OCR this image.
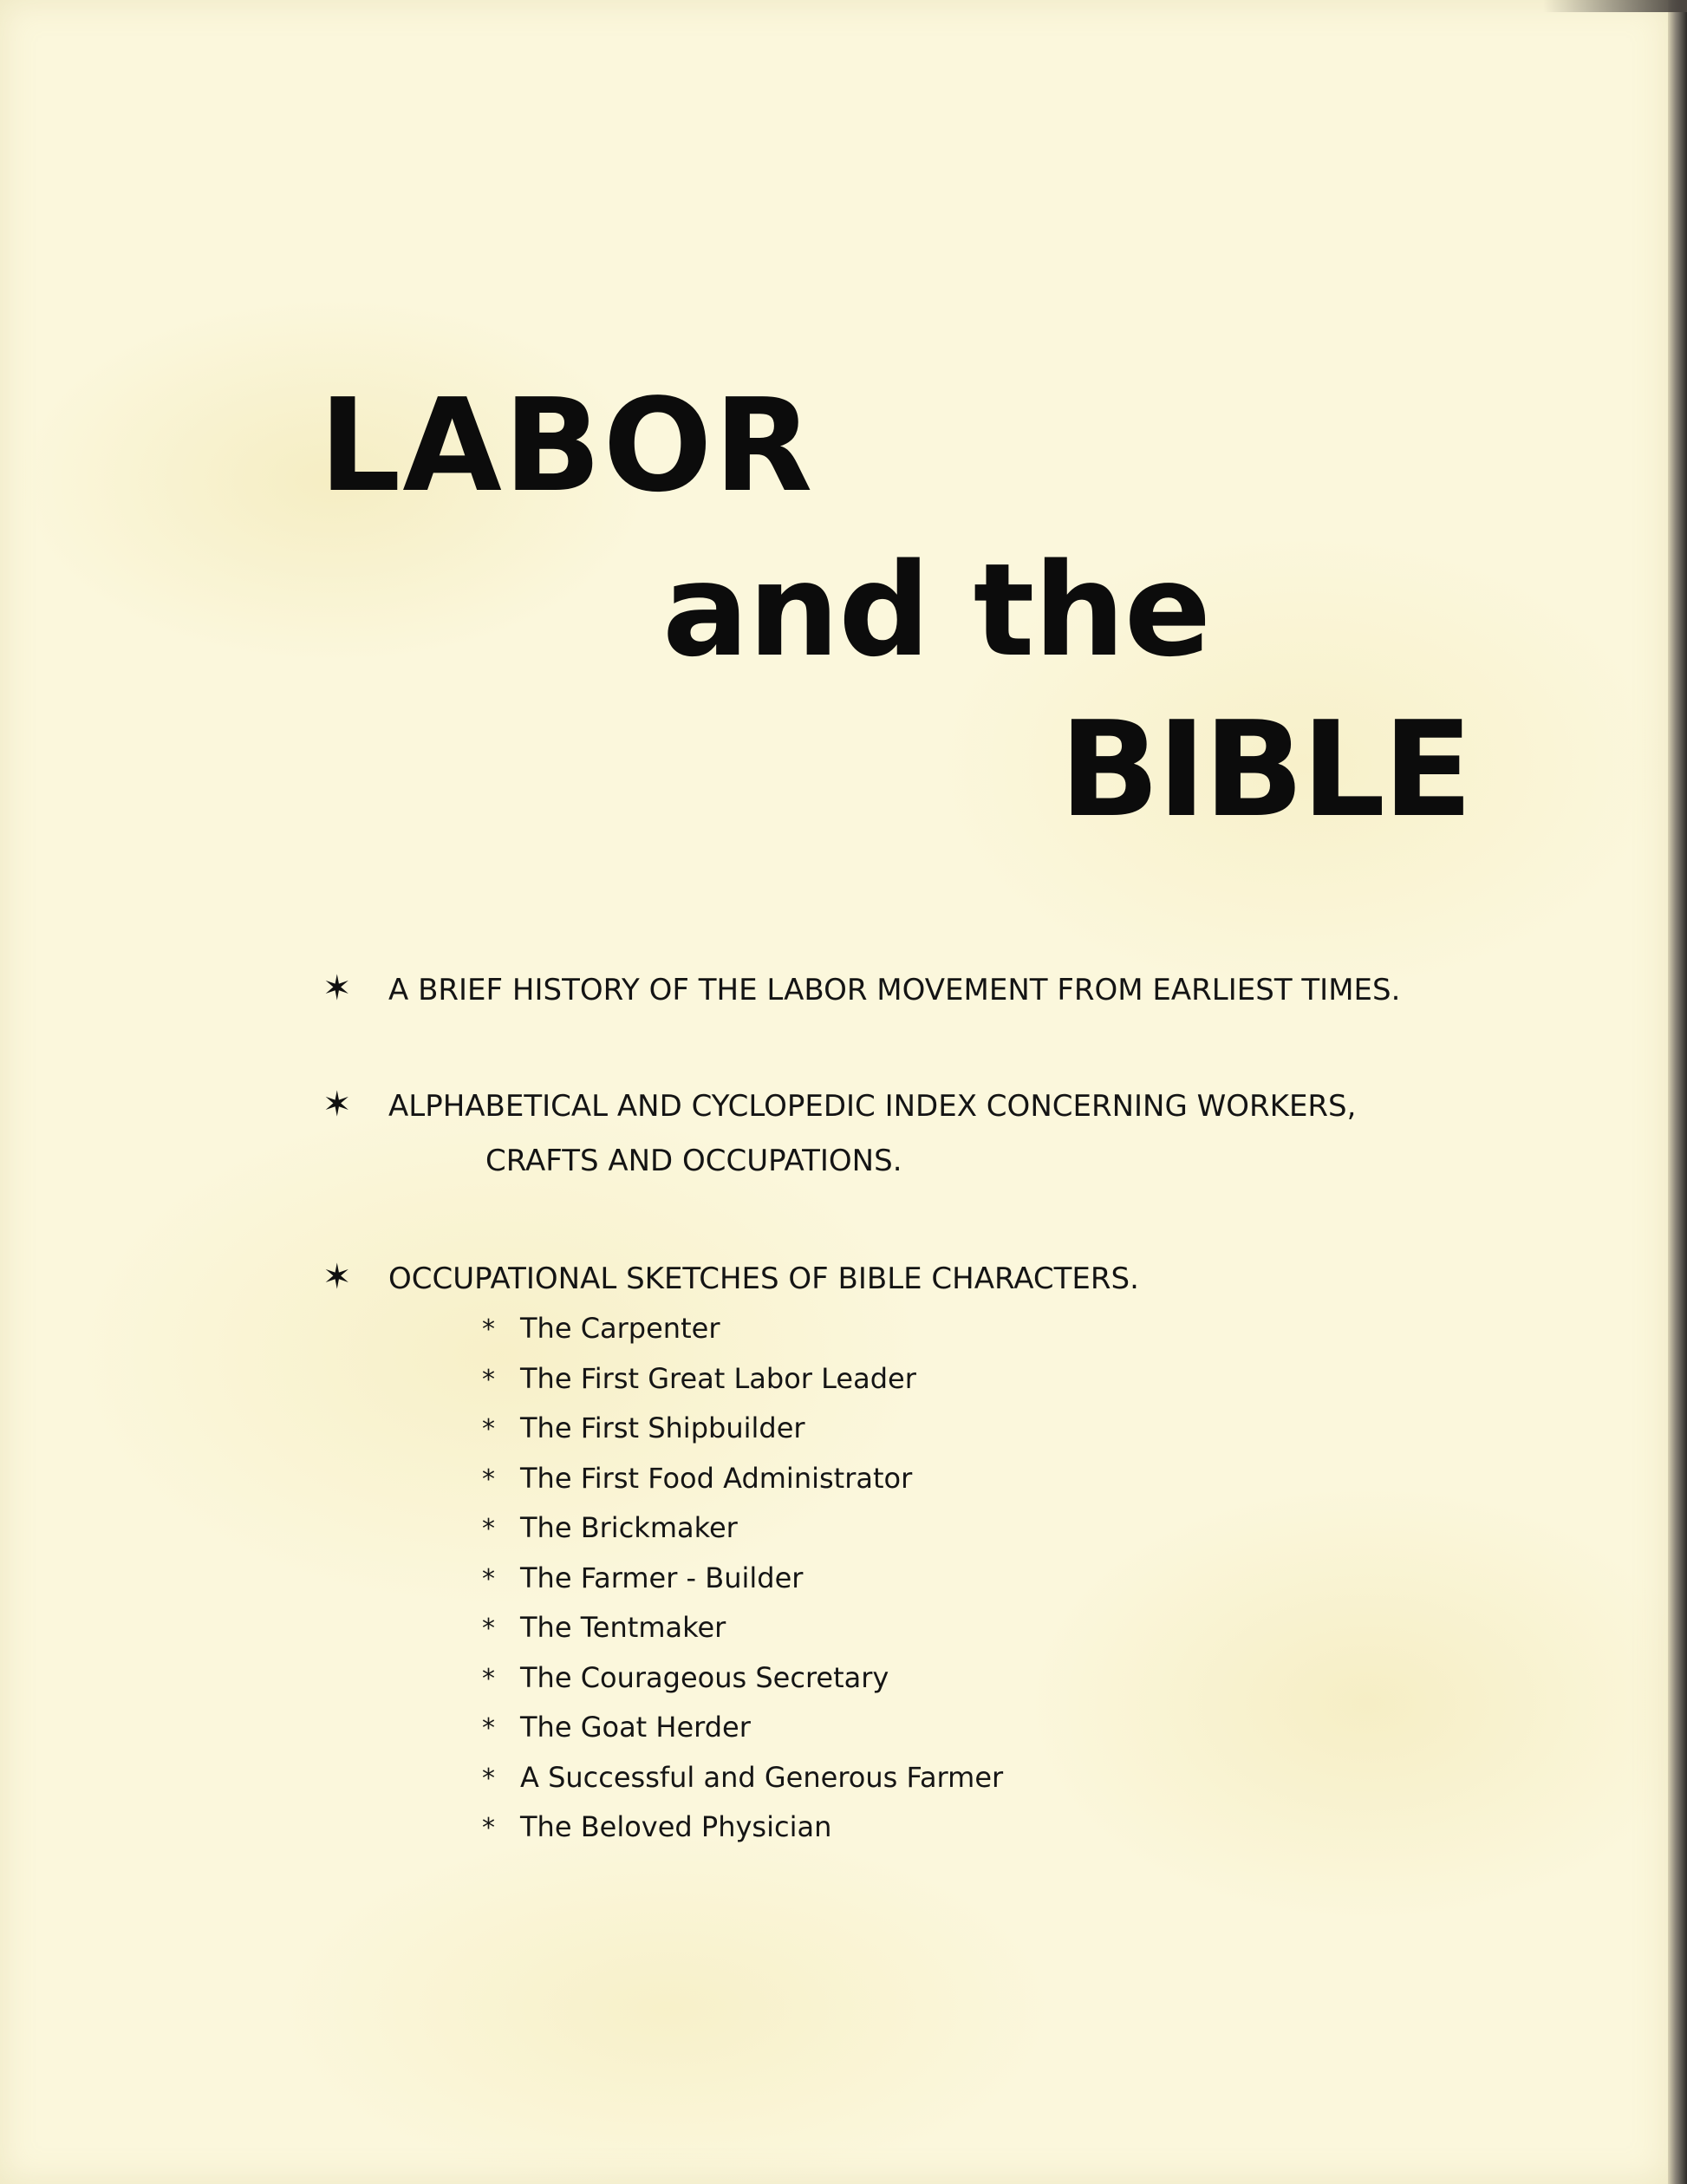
LABOR
and the
BIBLE
✶ A BRIEF HISTORY OF THE LABOR MOVEMENT FROM EARLIEST TIMES.
✶ ALPHABETICAL AND CYCLOPEDIC INDEX CONCERNING WORKERS,
CRAFTS AND OCCUPATIONS.
✶ OCCUPATIONAL SKETCHES OF BIBLE CHARACTERS.
* The Carpenter
* The First Great Labor Leader
* The First Shipbuilder
* The First Food Administrator
* The Brickmaker
* The Farmer - Builder
* The Tentmaker
* The Courageous Secretary
* The Goat Herder
* A Successful and Generous Farmer
* The Beloved Physician
